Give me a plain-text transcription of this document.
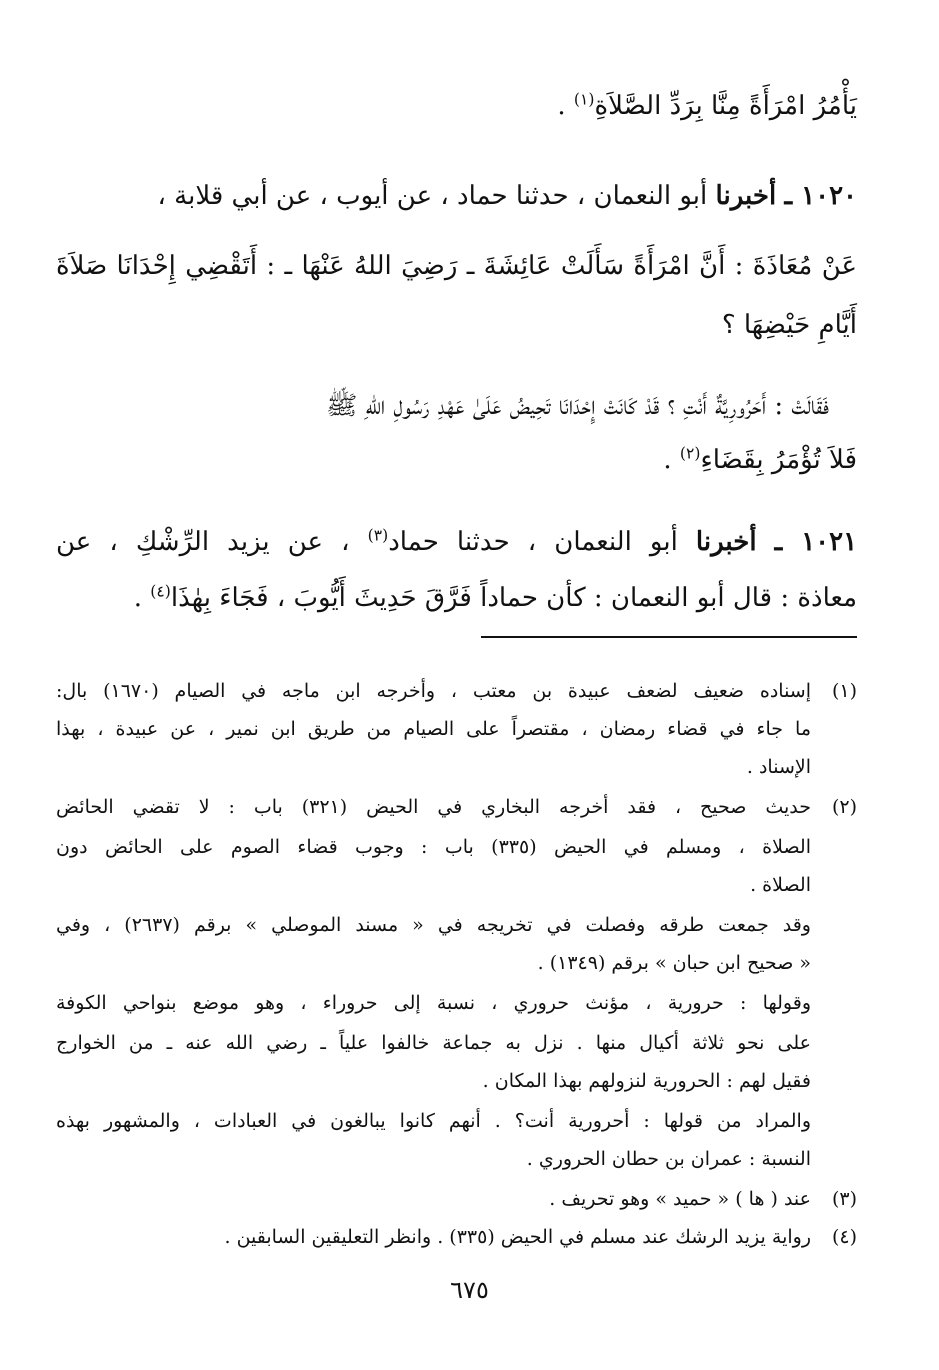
يَأْمُرُ امْرَأَةً مِنَّا بِرَدِّ الصَّلاَةِ$^{(١)}$ .
١٠٢٠ ـ أخبرنا أبو النعمان ، حدثنا حماد ، عن أيوب ، عن أبي قلابة ،
عَنْ مُعَاذَةَ : أَنَّ امْرَأَةً سَأَلَتْ عَائِشَةَ ـ رَضِيَ اللهُ عَنْهَا ـ : أَتَقْضِي إِحْدَانَا صَلاَةَ
أَيَّامِ حَيْضِهَا ؟
فَقَالَتْ : أَحَرُورِيَّةٌ أَنْتِ ؟ قَدْ كَانَتْ إِحْدَانَا تَحِيضُ عَلَىٰ عَهْدِ رَسُولِ اللهِ ﷺ
فَلاَ تُؤْمَرُ بِقَضَاءِ$^{(٢)}$ .
١٠٢١ ـ أخبرنا أبو النعمان ، حدثنا حماد$^{(٣)}$ ، عن يزيد الرِّشْكِ ، عن
معاذة : قال أبو النعمان : كأن حماداً فَرَّقَ حَدِيثَ أَيُّوبَ ، فَجَاءَ بِهٰذَا$^{(٤)}$ .
(١)
إسناده ضعيف لضعف عبيدة بن معتب ، وأخرجه ابن ماجه في الصيام (١٦٧٠) بال:
ما جاء في قضاء رمضان ، مقتصراً على الصيام من طريق ابن نمير ، عن عبيدة ، بهذا
الإسناد .
(٢)
حديث صحيح ، فقد أخرجه البخاري في الحيض (٣٢١) باب : لا تقضي الحائض
الصلاة ، ومسلم في الحيض (٣٣٥) باب : وجوب قضاء الصوم على الحائض دون
الصلاة .
وقد جمعت طرقه وفصلت في تخريجه في « مسند الموصلي » برقم (٢٦٣٧) ، وفي
« صحيح ابن حبان » برقم (١٣٤٩) .
وقولها : حرورية ، مؤنث حروري ، نسبة إلى حروراء ، وهو موضع بنواحي الكوفة
على نحو ثلاثة أكيال منها . نزل به جماعة خالفوا علياً ـ رضي الله عنه ـ من الخوارج
فقيل لهم : الحرورية لنزولهم بهذا المكان .
والمراد من قولها : أحرورية أنت؟ . أنهم كانوا يبالغون في العبادات ، والمشهور بهذه
النسبة : عمران بن حطان الحروري .
(٣)
عند ( ها ) « حميد » وهو تحريف .
(٤)
رواية يزيد الرشك عند مسلم في الحيض (٣٣٥) . وانظر التعليقين السابقين .
٦٧٥
